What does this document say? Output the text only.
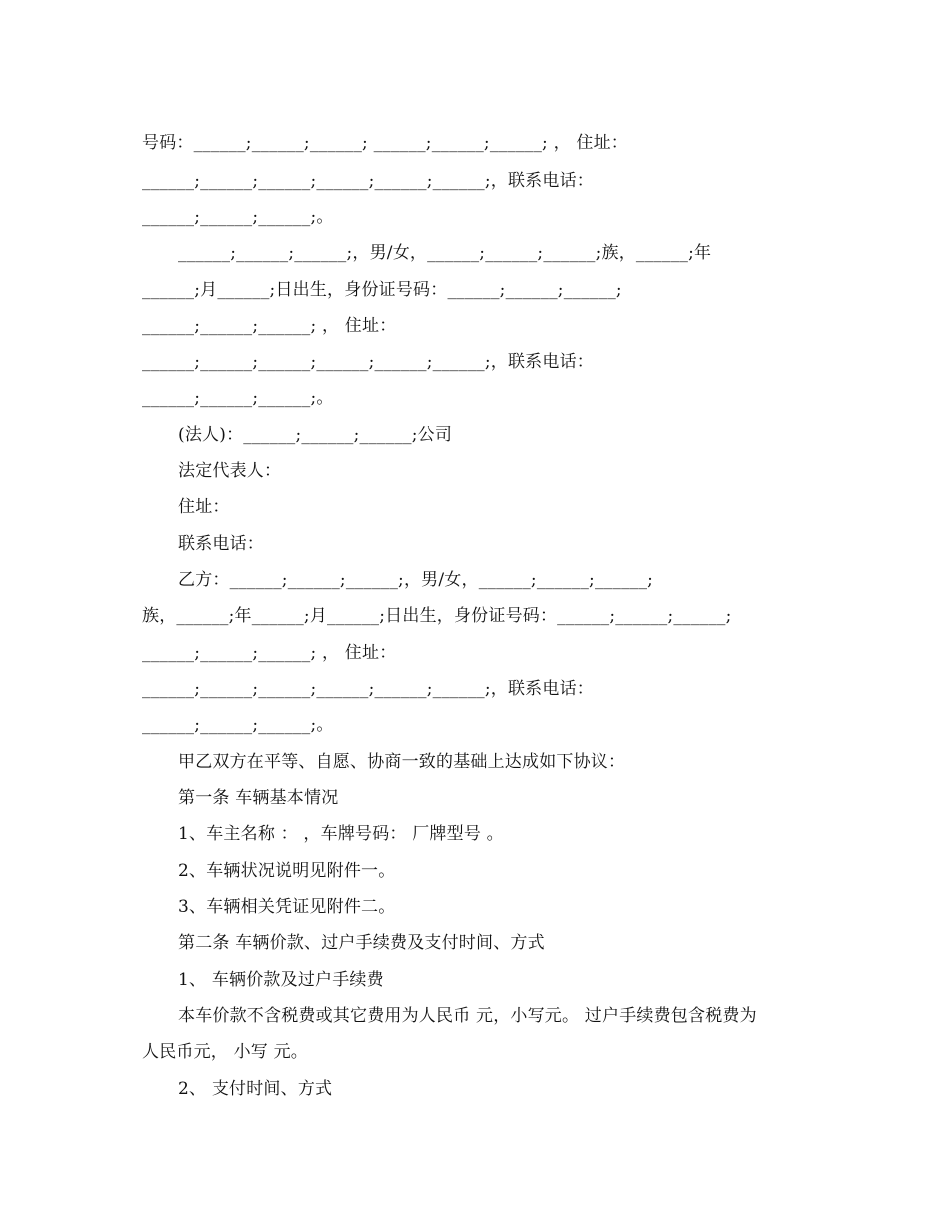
号码：______;______;______; ______;______;______; ， 住址：
______;______;______;______;______;______;，联系电话：
______;______;______;。
______;______;______;，男/女，______;______;______;族，______;年
______;月______;日出生，身份证号码：______;______;______;
______;______;______; ， 住址：
______;______;______;______;______;______;，联系电话：
______;______;______;。
(法人)：______;______;______;公司
法定代表人：
住址：
联系电话：
乙方：______;______;______;，男/女，______;______;______;
族，______;年______;月______;日出生，身份证号码：______;______;______;
______;______;______; ， 住址：
______;______;______;______;______;______;，联系电话：
______;______;______;。
甲乙双方在平等、自愿、协商一致的基础上达成如下协议：
第一条 车辆基本情况
1、车主名称 ： ，车牌号码： 厂牌型号 。
2、车辆状况说明见附件一。
3、车辆相关凭证见附件二。
第二条 车辆价款、过户手续费及支付时间、方式
1、 车辆价款及过户手续费
本车价款不含税费或其它费用为人民币 元，小写元。 过户手续费包含税费为
人民币元， 小写 元。
2、 支付时间、方式
